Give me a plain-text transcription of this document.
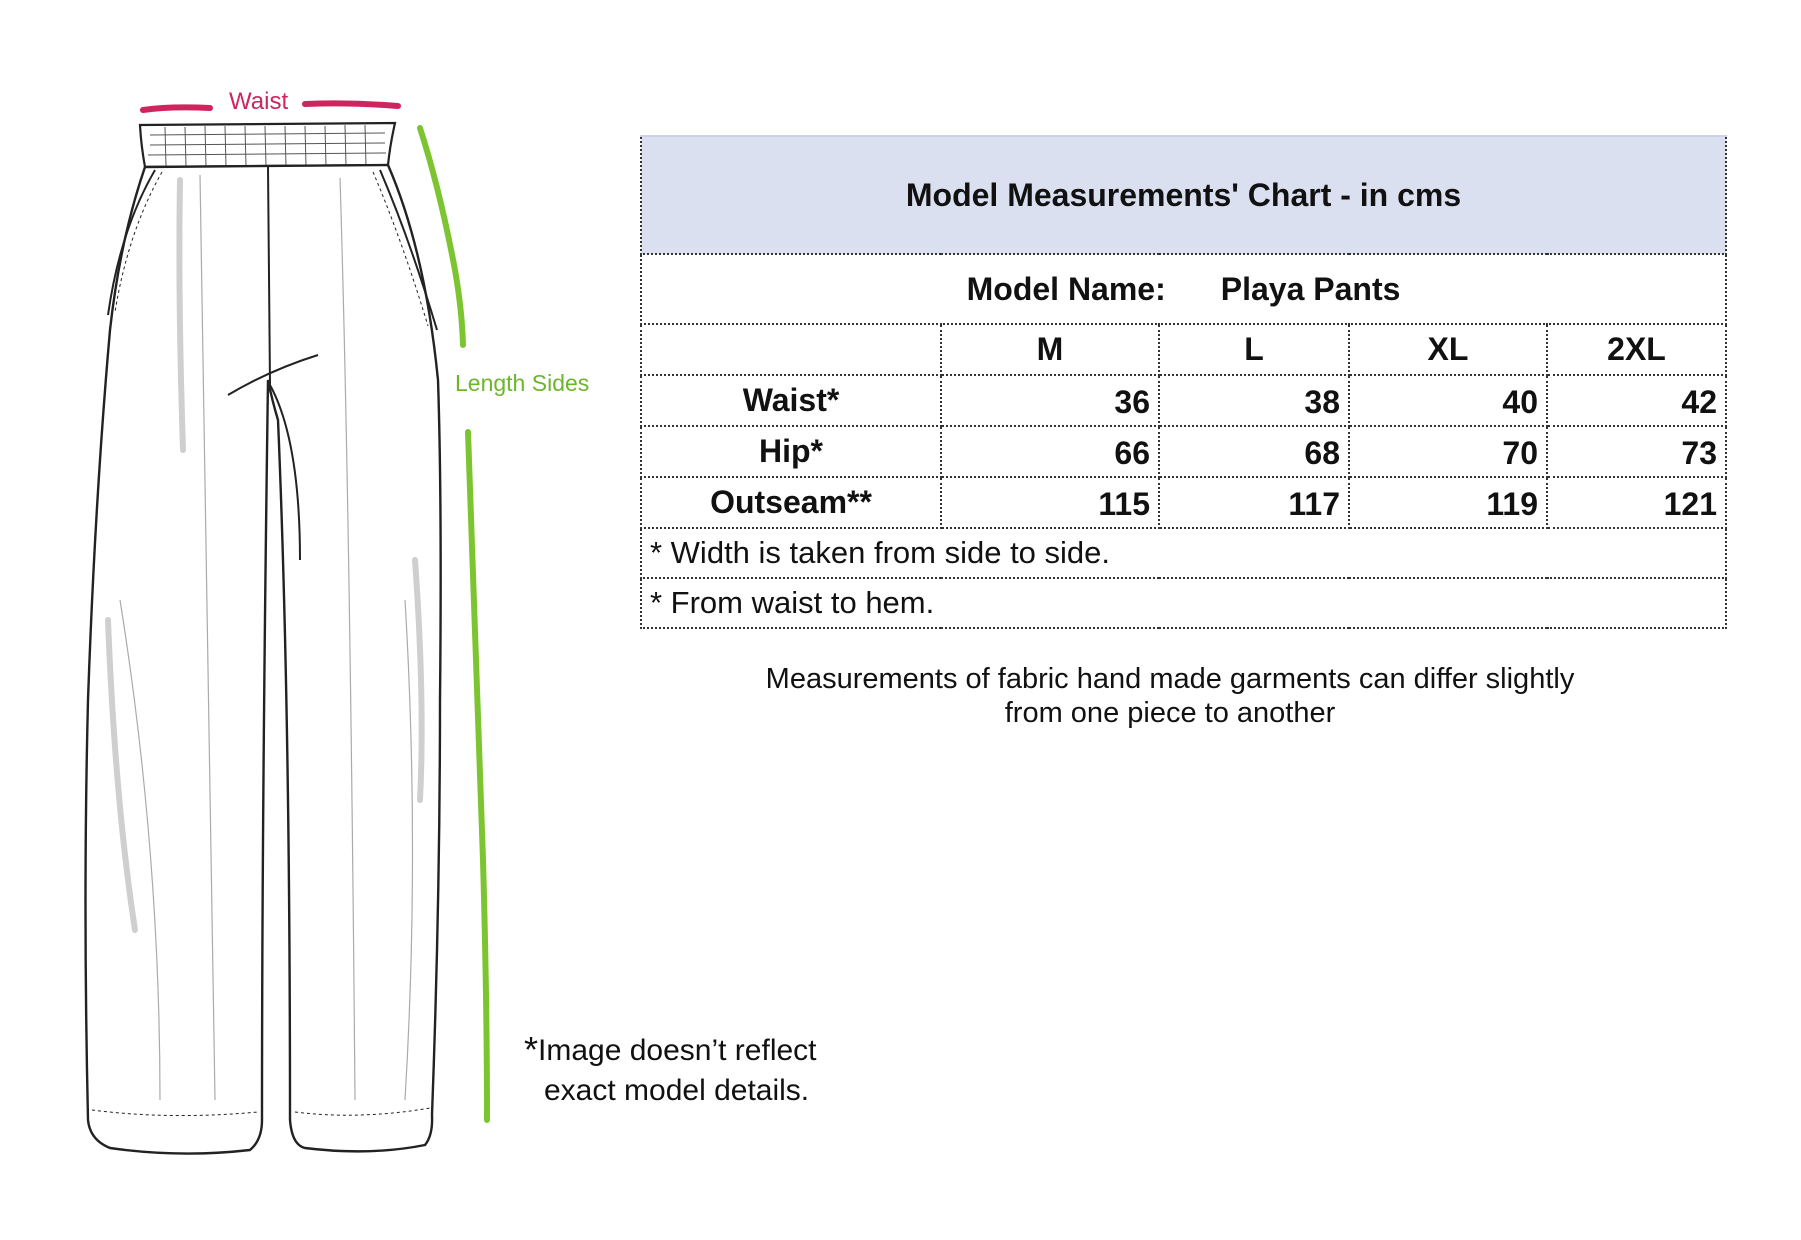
Waist
Length Sides
*Image doesn’t reflect
exact model details.
Model Measurements' Chart - in cms				
Model Name: Playa Pants				
	M	L	XL	2XL
Waist*	36	38	40	42
Hip*	66	68	70	73
Outseam**	115	117	119	121
* Width is taken from side to side.				
* From waist to hem.				
Measurements of fabric hand made garments can differ slightly
from one piece to another
